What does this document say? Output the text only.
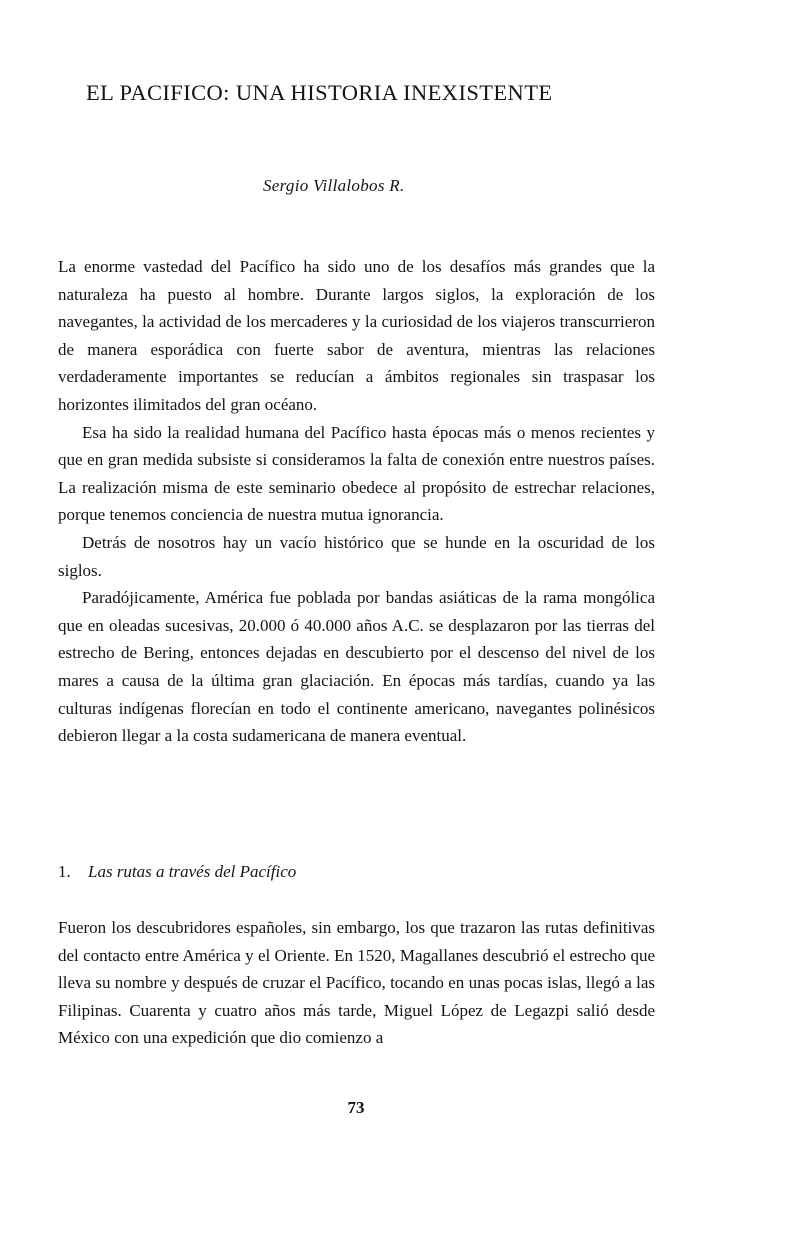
EL PACIFICO: UNA HISTORIA INEXISTENTE

Sergio Villalobos R.

La enorme vastedad del Pacífico ha sido uno de los desafíos más grandes que la naturaleza ha puesto al hombre. Durante largos siglos, la exploración de los navegantes, la actividad de los mercaderes y la curiosidad de los viajeros transcurrieron de manera esporádica con fuerte sabor de aventura, mientras las relaciones verdaderamente importantes se reducían a ámbitos regionales sin traspasar los horizontes ilimitados del gran océano.

Esa ha sido la realidad humana del Pacífico hasta épocas más o menos recientes y que en gran medida subsiste si consideramos la falta de conexión entre nuestros países. La realización misma de este seminario obedece al propósito de estrechar relaciones, porque tenemos conciencia de nuestra mutua ignorancia.

Detrás de nosotros hay un vacío histórico que se hunde en la oscuridad de los siglos.

Paradójicamente, América fue poblada por bandas asiáticas de la rama mongólica que en oleadas sucesivas, 20.000 ó 40.000 años A.C. se desplazaron por las tierras del estrecho de Bering, entonces dejadas en descubierto por el descenso del nivel de los mares a causa de la última gran glaciación. En épocas más tardías, cuando ya las culturas indígenas florecían en todo el continente americano, navegantes polinésicos debieron llegar a la costa sudamericana de manera eventual.

1. Las rutas a través del Pacífico

Fueron los descubridores españoles, sin embargo, los que trazaron las rutas definitivas del contacto entre América y el Oriente. En 1520, Magallanes descubrió el estrecho que lleva su nombre y después de cruzar el Pacífico, tocando en unas pocas islas, llegó a las Filipinas. Cuarenta y cuatro años más tarde, Miguel López de Legazpi salió desde México con una expedición que dio comienzo a

73
